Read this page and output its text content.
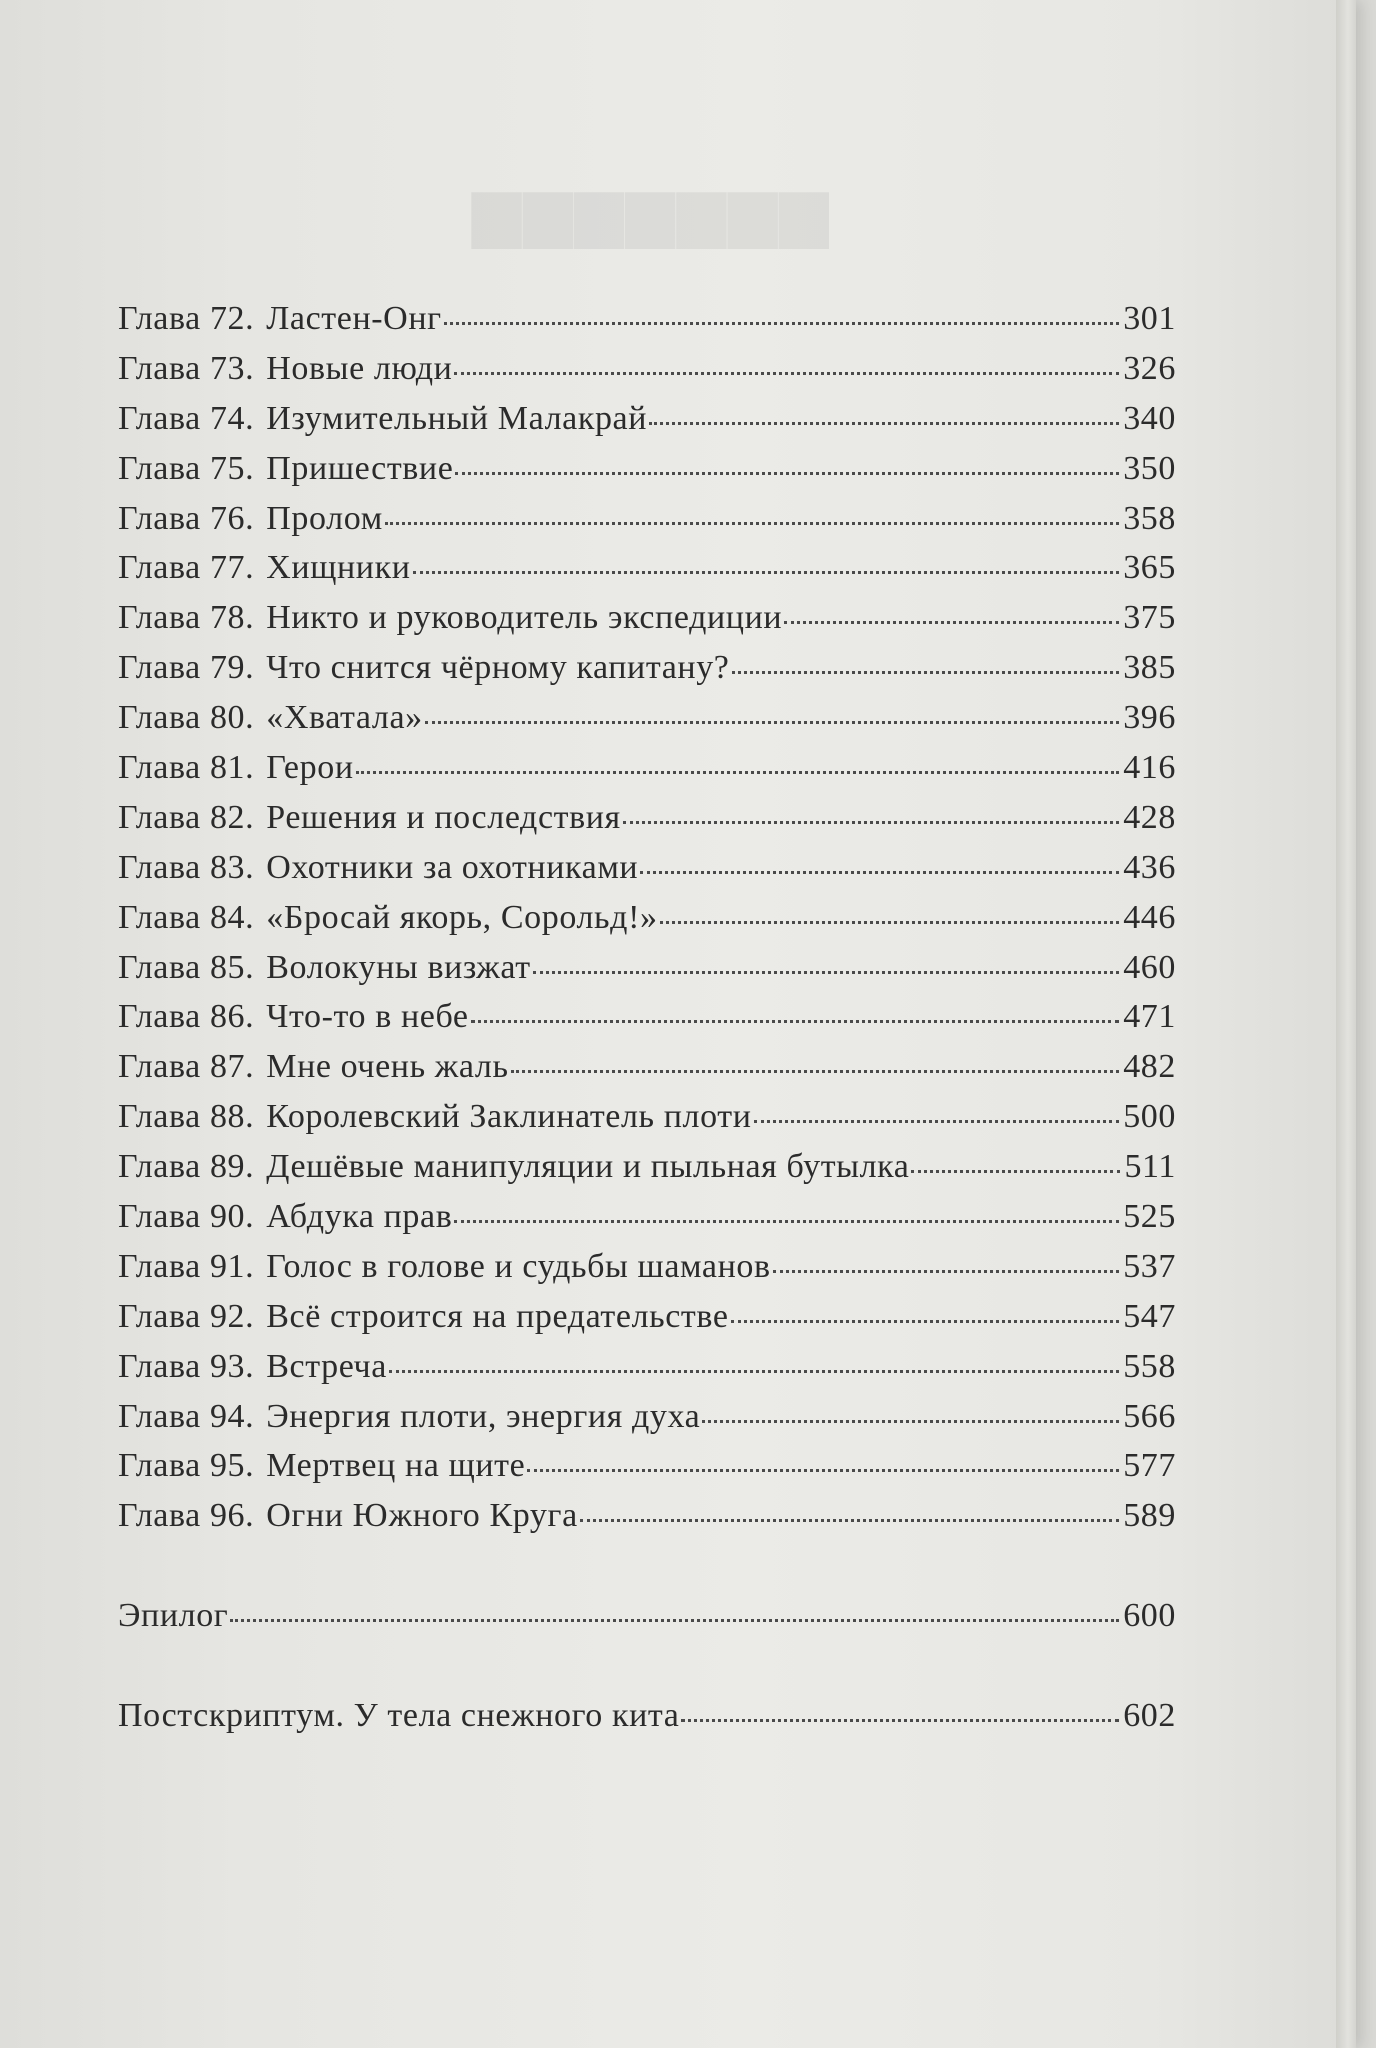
▆▆▆▆▆▆▆
Глава 72. Ластен-Онг	301
Глава 73. Новые люди	326
Глава 74. Изумительный Малакрай	340
Глава 75. Пришествие	350
Глава 76. Пролом	358
Глава 77. Хищники	365
Глава 78. Никто и руководитель экспедиции	375
Глава 79. Что снится чёрному капитану?	385
Глава 80. «Хватала»	396
Глава 81. Герои	416
Глава 82. Решения и последствия	428
Глава 83. Охотники за охотниками	436
Глава 84. «Бросай якорь, Сорольд!»	446
Глава 85. Волокуны визжат	460
Глава 86. Что-то в небе	471
Глава 87. Мне очень жаль	482
Глава 88. Королевский Заклинатель плоти	500
Глава 89. Дешёвые манипуляции и пыльная бутылка	511
Глава 90. Абдука прав	525
Глава 91. Голос в голове и судьбы шаманов	537
Глава 92. Всё строится на предательстве	547
Глава 93. Встреча	558
Глава 94. Энергия плоти, энергия духа	566
Глава 95. Мертвец на щите	577
Глава 96. Огни Южного Круга	589
Эпилог	600
Постскриптум. У тела снежного кита	602
